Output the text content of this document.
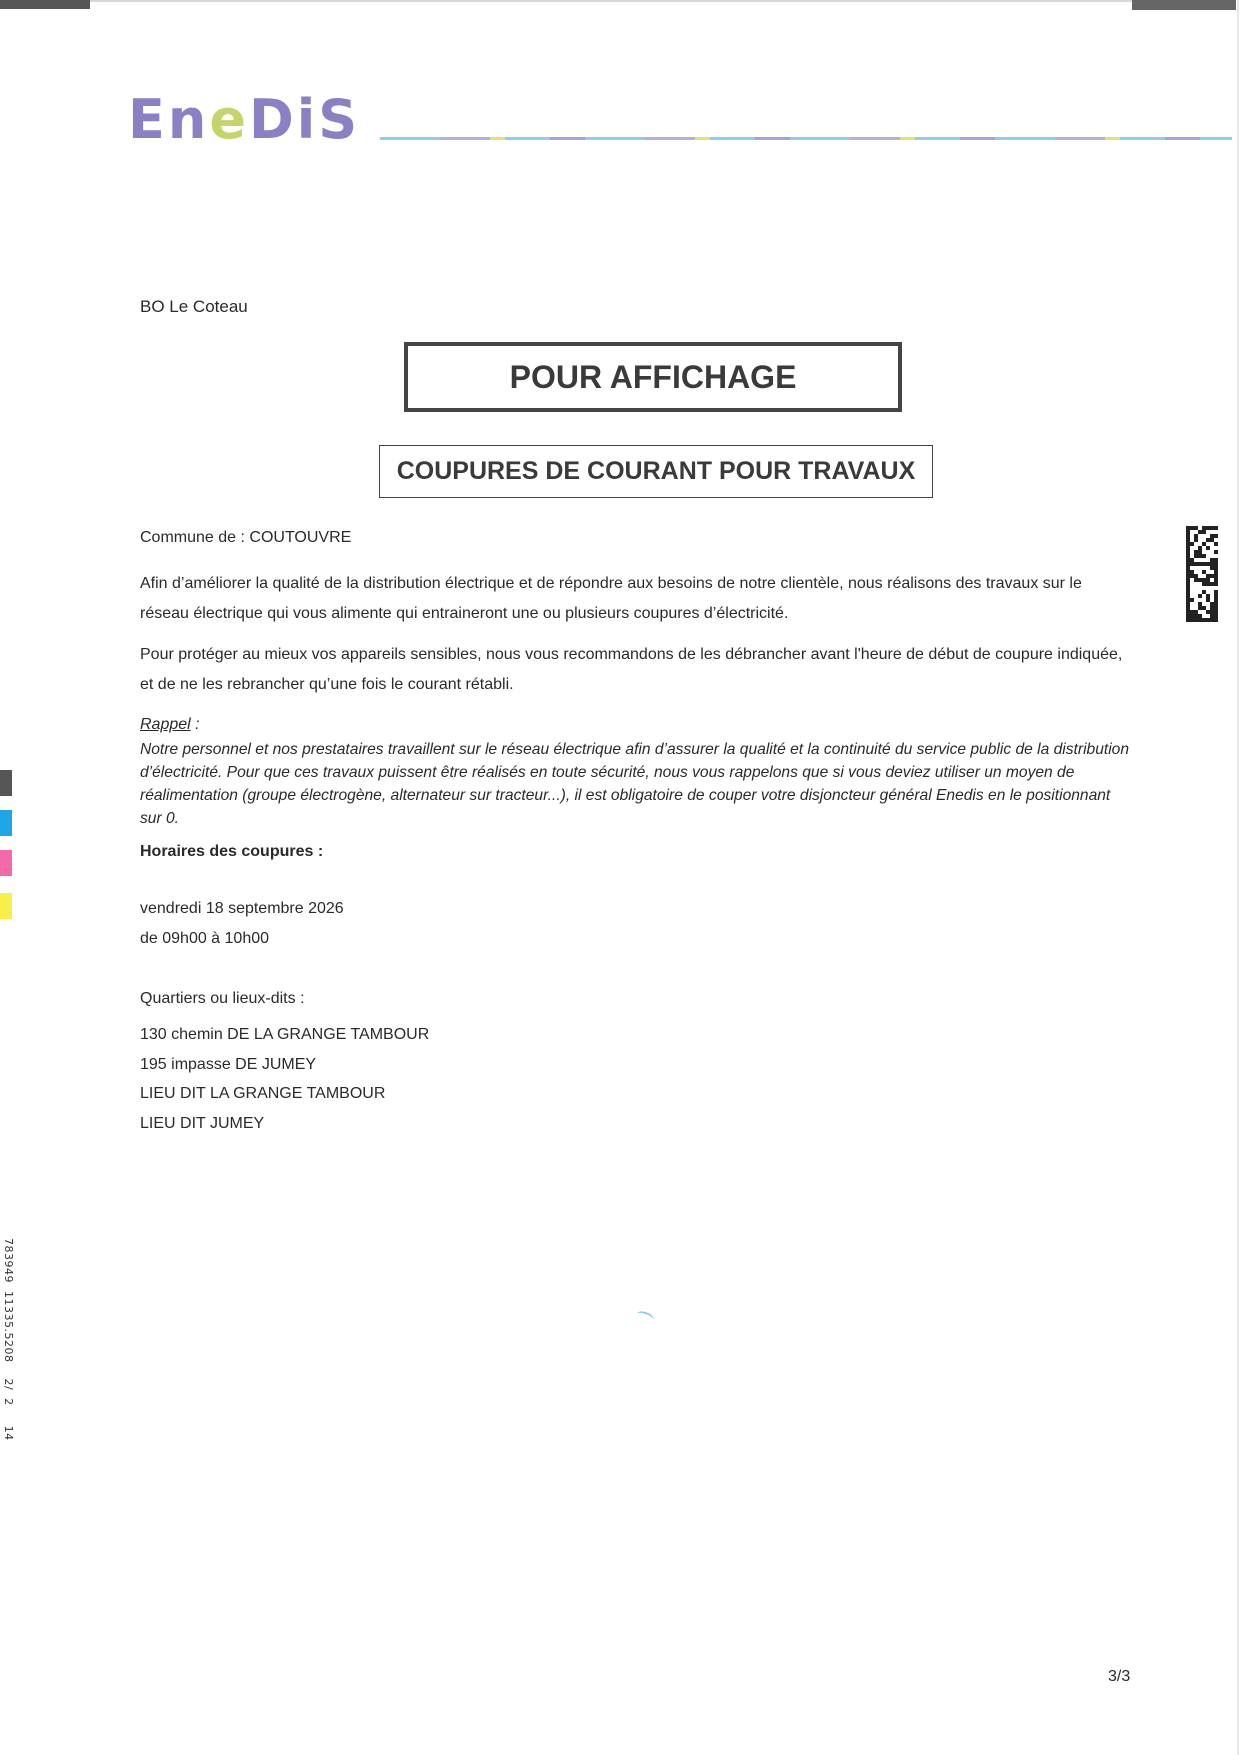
En e DiS
BO Le Coteau
POUR AFFICHAGE
COUPURES DE COURANT POUR TRAVAUX
Commune de : COUTOUVRE

Afin d’améliorer la qualité de la distribution électrique et de répondre aux besoins de notre clientèle, nous réalisons des travaux sur le réseau électrique qui vous alimente qui entraineront une ou plusieurs coupures d’électricité.

Pour protéger au mieux vos appareils sensibles, nous vous recommandons de les débrancher avant l'heure de début de coupure indiquée, et de ne les rebrancher qu’une fois le courant rétabli.

Rappel :

Notre personnel et nos prestataires travaillent sur le réseau électrique afin d’assurer la qualité et la continuité du service public de la distribution d’électricité. Pour que ces travaux puissent être réalisés en toute sécurité, nous vous rappelons que si vous deviez utiliser un moyen de réalimentation (groupe électrogène, alternateur sur tracteur...), il est obligatoire de couper votre disjoncteur général Enedis en le positionnant sur 0.

Horaires des coupures :
vendredi 18 septembre 2026
de 09h00 à 10h00
Quartiers ou lieux-dits :
130 chemin DE LA GRANGE TAMBOUR
195 impasse DE JUMEY
LIEU DIT LA GRANGE TAMBOUR
LIEU DIT JUMEY
3/3
783949  11335.5208    2/  2     14
